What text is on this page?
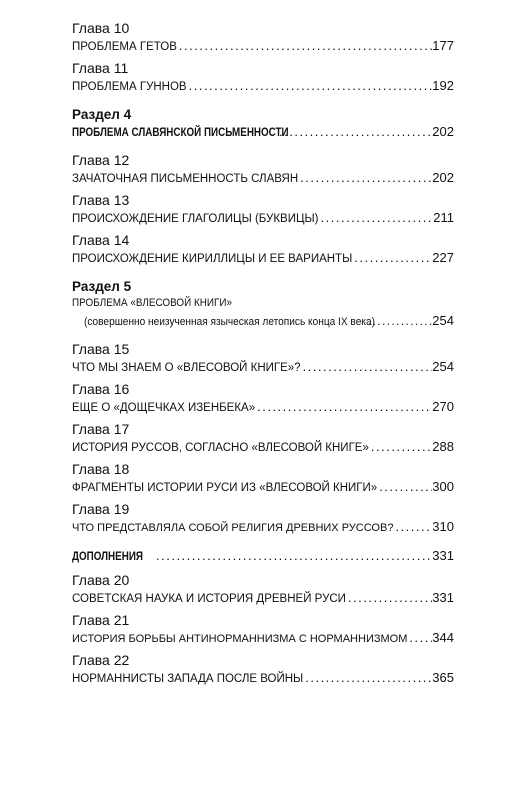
Глава 10
ПРОБЛЕМА ГЕТОВ .....	177
Глава 11
ПРОБЛЕМА ГУННОВ .....	192
Раздел 4
ПРОБЛЕМА СЛАВЯНСКОЙ ПИСЬМЕННОСТИ .....	202
Глава 12
ЗАЧАТОЧНАЯ ПИСЬМЕННОСТЬ СЛАВЯН .....	202
Глава 13
ПРОИСХОЖДЕНИЕ ГЛАГОЛИЦЫ (БУКВИЦЫ) .....	211
Глава 14
ПРОИСХОЖДЕНИЕ КИРИЛЛИЦЫ И ЕЕ ВАРИАНТЫ .....	227
Раздел 5
ПРОБЛЕМА «ВЛЕСОВОЙ КНИГИ»
(совершенно неизученная языческая летопись конца IX века) .....	254
Глава 15
ЧТО МЫ ЗНАЕМ О «ВЛЕСОВОЙ КНИГЕ»? .....	254
Глава 16
ЕЩЕ О «ДОЩЕЧКАХ ИЗЕНБЕКА» .....	270
Глава 17
ИСТОРИЯ РУССОВ, СОГЛАСНО «ВЛЕСОВОЙ КНИГЕ» .....	288
Глава 18
ФРАГМЕНТЫ ИСТОРИИ РУСИ ИЗ «ВЛЕСОВОЙ КНИГИ» .....	300
Глава 19
ЧТО ПРЕДСТАВЛЯЛА СОБОЙ РЕЛИГИЯ ДРЕВНИХ РУССОВ? .....	310
ДОПОЛНЕНИЯ .....	331
Глава 20
СОВЕТСКАЯ НАУКА И ИСТОРИЯ ДРЕВНЕЙ РУСИ .....	331
Глава 21
ИСТОРИЯ БОРЬБЫ АНТИНОРМАННИЗМА С НОРМАННИЗМОМ ..... 344
Глава 22
НОРМАННИСТЫ ЗАПАДА ПОСЛЕ ВОЙНЫ .....	365
